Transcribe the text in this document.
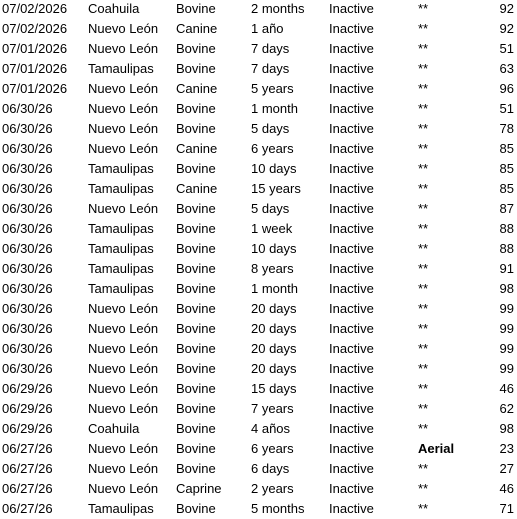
07/02/2026 Coahuila	Bovine	2 months Inactive	**	92
07/02/2026 Nuevo León Canine	1 año	Inactive	**	92
07/01/2026 Nuevo León Bovine	7 days	Inactive	**	51
07/01/2026 Tamaulipas Bovine	7 days	Inactive	**	63
07/01/2026 Nuevo León Canine	5 years	Inactive	**	96
06/30/26	Nuevo León Bovine	1 month Inactive	**	51
06/30/26	Nuevo León Bovine	5 days	Inactive	**	78
06/30/26	Nuevo León Canine	6 years	Inactive	**	85
06/30/26	Tamaulipas Bovine	10 days Inactive	**	85
06/30/26	Tamaulipas Canine	15 years Inactive	**	85
06/30/26	Nuevo León Bovine	5 days	Inactive	**	87
06/30/26	Tamaulipas Bovine	1 week	Inactive	**	88
06/30/26	Tamaulipas Bovine	10 days Inactive	**	88
06/30/26	Tamaulipas Bovine	8 years	Inactive	**	91
06/30/26	Tamaulipas Bovine	1 month Inactive	**	98
06/30/26	Nuevo León Bovine	20 days Inactive	**	99
06/30/26	Nuevo León Bovine	20 days Inactive	**	99
06/30/26	Nuevo León Bovine	20 days Inactive	**	99
06/30/26	Nuevo León Bovine	20 days Inactive	**	99
06/29/26	Nuevo León Bovine	15 days Inactive	**	46
06/29/26	Nuevo León Bovine	7 years	Inactive	**	62
06/29/26	Coahuila	Bovine	4 años	Inactive	**	98
06/27/26	Nuevo León Bovine	6 years	Inactive	Aerial	23
06/27/26	Nuevo León Bovine	6 days	Inactive	**	27
06/27/26	Nuevo León Caprine 2 years	Inactive	**	46
06/27/26	Tamaulipas Bovine	5 months Inactive	**	71
